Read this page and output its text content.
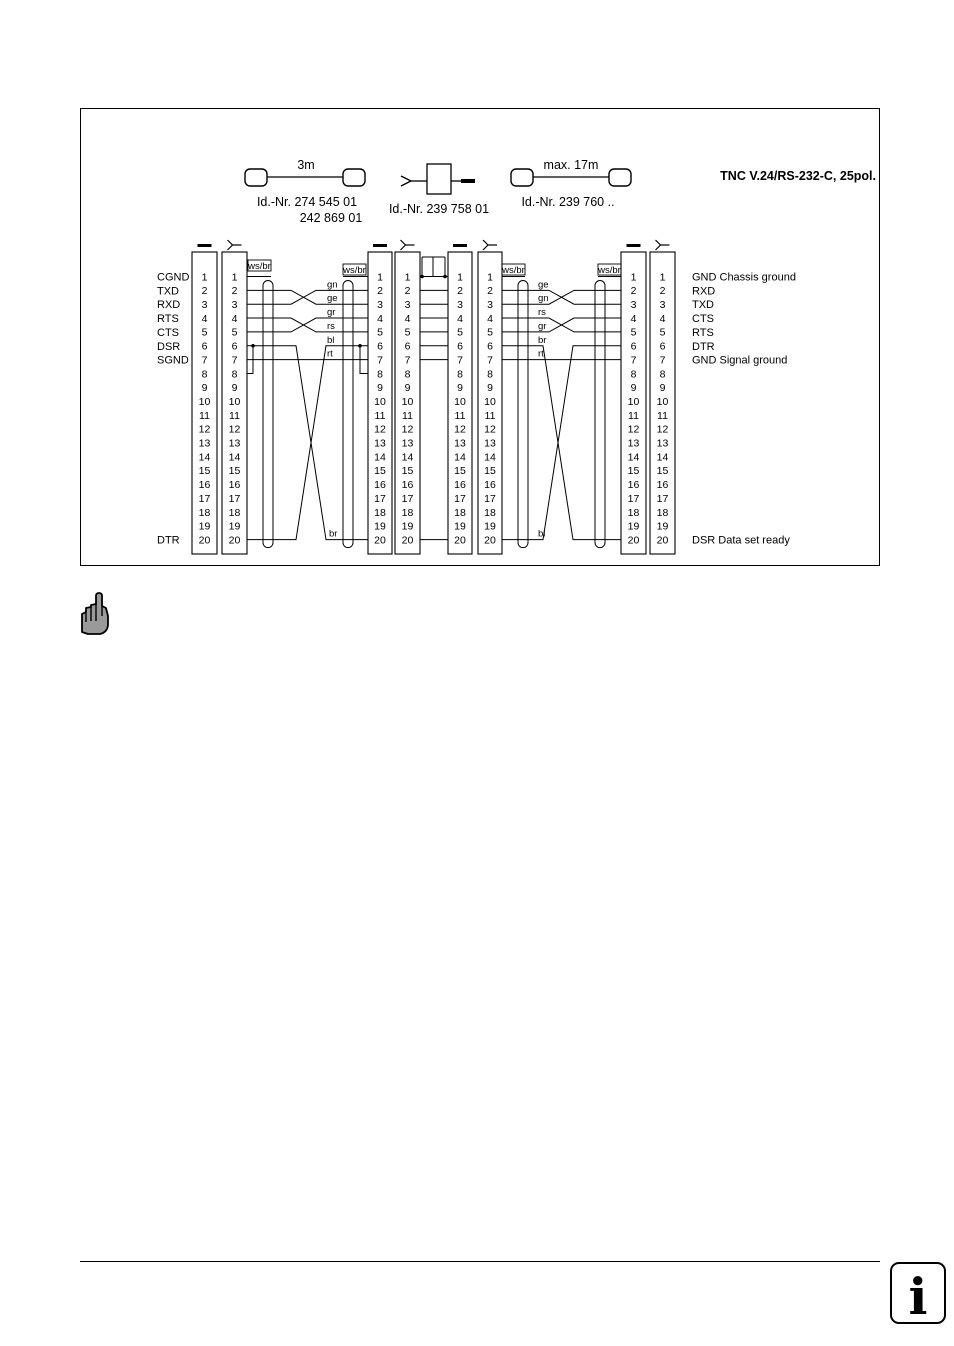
1
2
3
4
5
6
7
8
9
10
11
12
13
14
15
16
17
18
19
20
1
2
3
4
5
6
7
8
9
10
11
12
13
14
15
16
17
18
19
20
1
2
3
4
5
6
7
8
9
10
11
12
13
14
15
16
17
18
19
20
1
2
3
4
5
6
7
8
9
10
11
12
13
14
15
16
17
18
19
20
1
2
3
4
5
6
7
8
9
10
11
12
13
14
15
16
17
18
19
20
1
2
3
4
5
6
7
8
9
10
11
12
13
14
15
16
17
18
19
20
1
2
3
4
5
6
7
8
9
10
11
12
13
14
15
16
17
18
19
20
1
2
3
4
5
6
7
8
9
10
11
12
13
14
15
16
17
18
19
20
CGND
TXD
RXD
RTS
CTS
DSR
SGND
DTR
GND Chassis ground
RXD
TXD
CTS
RTS
DTR
GND Signal ground
DSR Data set ready
TNC V.24/RS-232-C, 25pol.
3m
Id.-Nr. 274 545 01
242 869 01
Id.-Nr. 239 758 01
max. 17m
Id.-Nr. 239 760 ..
ws/br	ws/br
gn
ge
gr
rs
bl
rt
br
ws/br	ws/br
ge
gn
rs
gr
br
rt
bl
i
